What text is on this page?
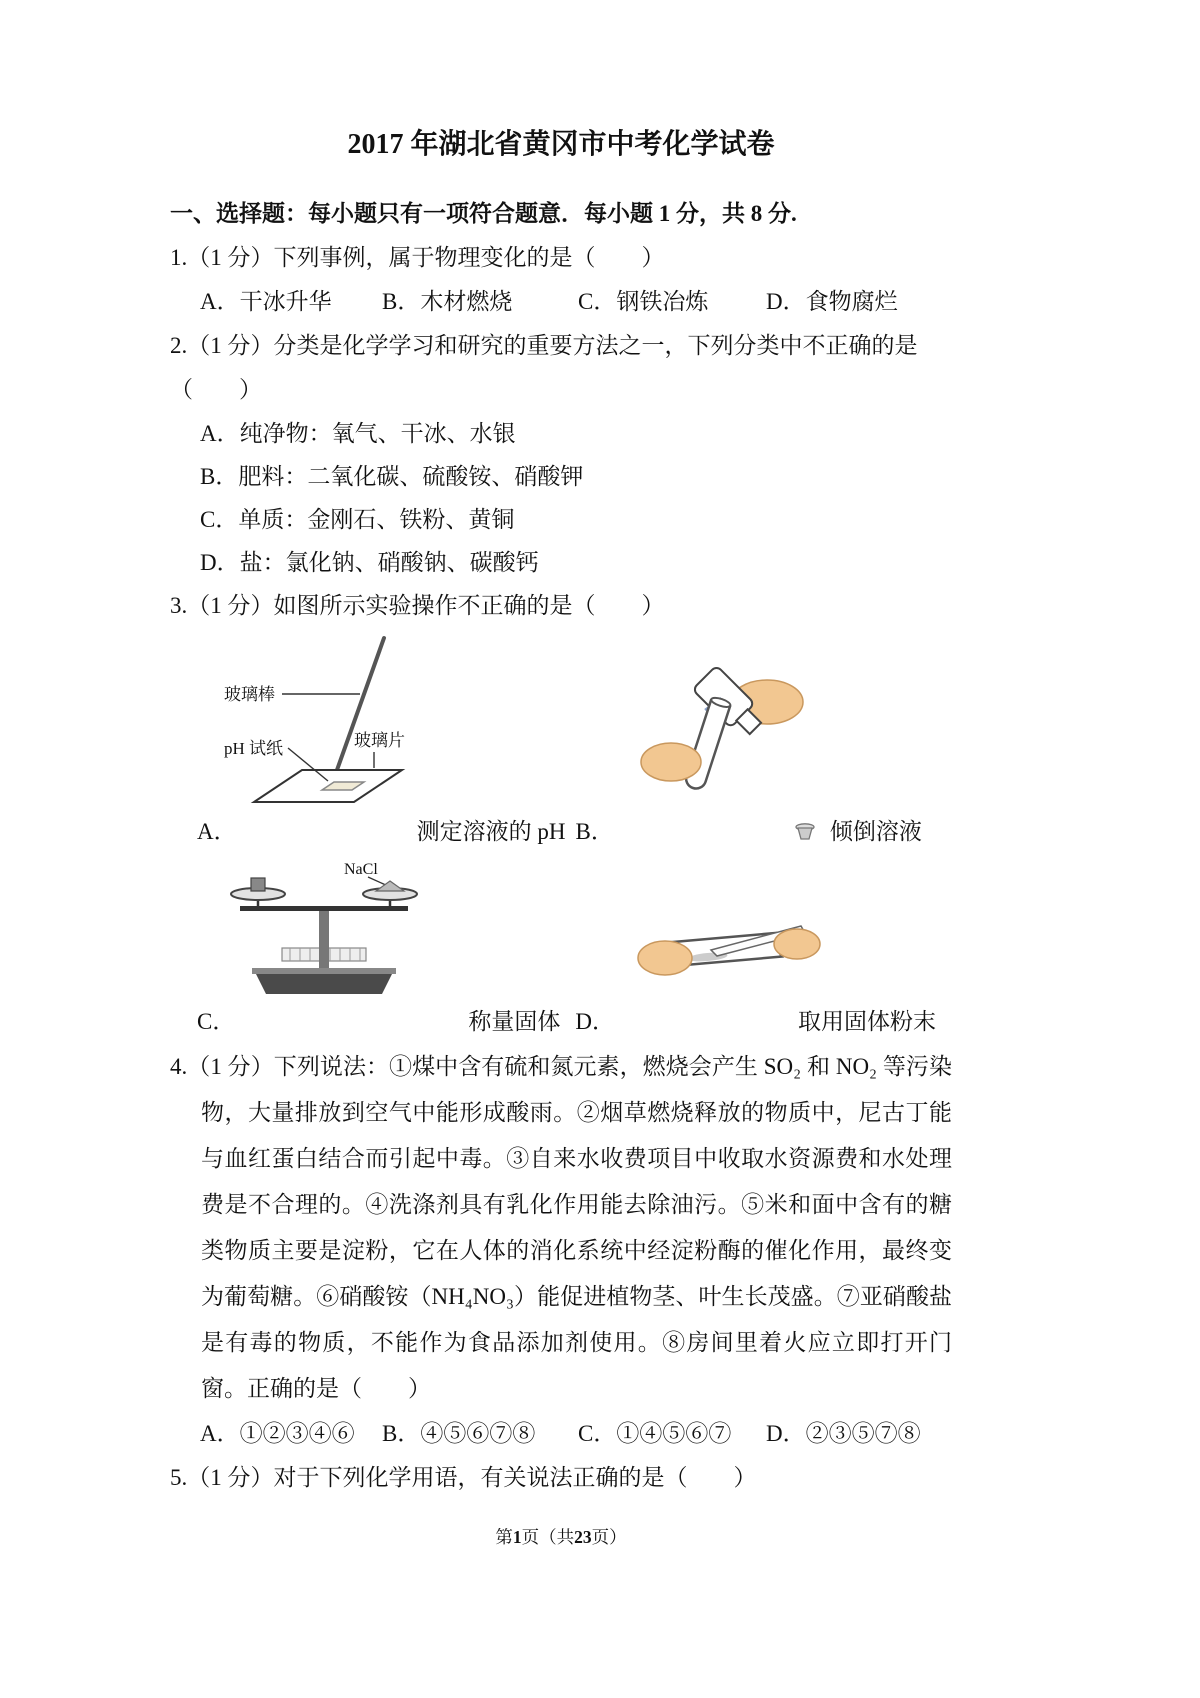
2017 年湖北省黄冈市中考化学试卷
一、选择题：每小题只有一项符合题意．每小题 1 分，共 8 分.
1.（1 分）下列事例，属于物理变化的是（　　）
A．干冰升华	B．木材燃烧	C．钢铁冶炼	D．食物腐烂
2.（1 分）分类是化学学习和研究的重要方法之一，下列分类中不正确的是（　　）
A．纯净物：氧气、干冰、水银
B．肥料：二氧化碳、硫酸铵、硝酸钾
C．单质：金刚石、铁粉、黄铜
D．盐：氯化钠、硝酸钠、碳酸钙
3.（1 分）如图所示实验操作不正确的是（　　）
玻璃棒
pH 试纸	玻璃片
A．	测定溶液的 pH B．	倾倒溶液
NaCl
C．	称量固体 D．	取用固体粉末
4.（1 分）下列说法：①煤中含有硫和氮元素，燃烧会产生 SO₂ 和 NO₂ 等污染物，大量排放到空气中能形成酸雨。②烟草燃烧释放的物质中，尼古丁能与血红蛋白结合而引起中毒。③自来水收费项目中收取水资源费和水处理费是不合理的。④洗涤剂具有乳化作用能去除油污。⑤米和面中含有的糖类物质主要是淀粉，它在人体的消化系统中经淀粉酶的催化作用，最终变为葡萄糖。⑥硝酸铵（NH₄NO₃）能促进植物茎、叶生长茂盛。⑦亚硝酸盐是有毒的物质，不能作为食品添加剂使用。⑧房间里着火应立即打开门窗。正确的是（　　）
A．①②③④⑥	B．④⑤⑥⑦⑧	C．①④⑤⑥⑦	D．②③⑤⑦⑧
5.（1 分）对于下列化学用语，有关说法正确的是（　　）
第1页（共23页）
